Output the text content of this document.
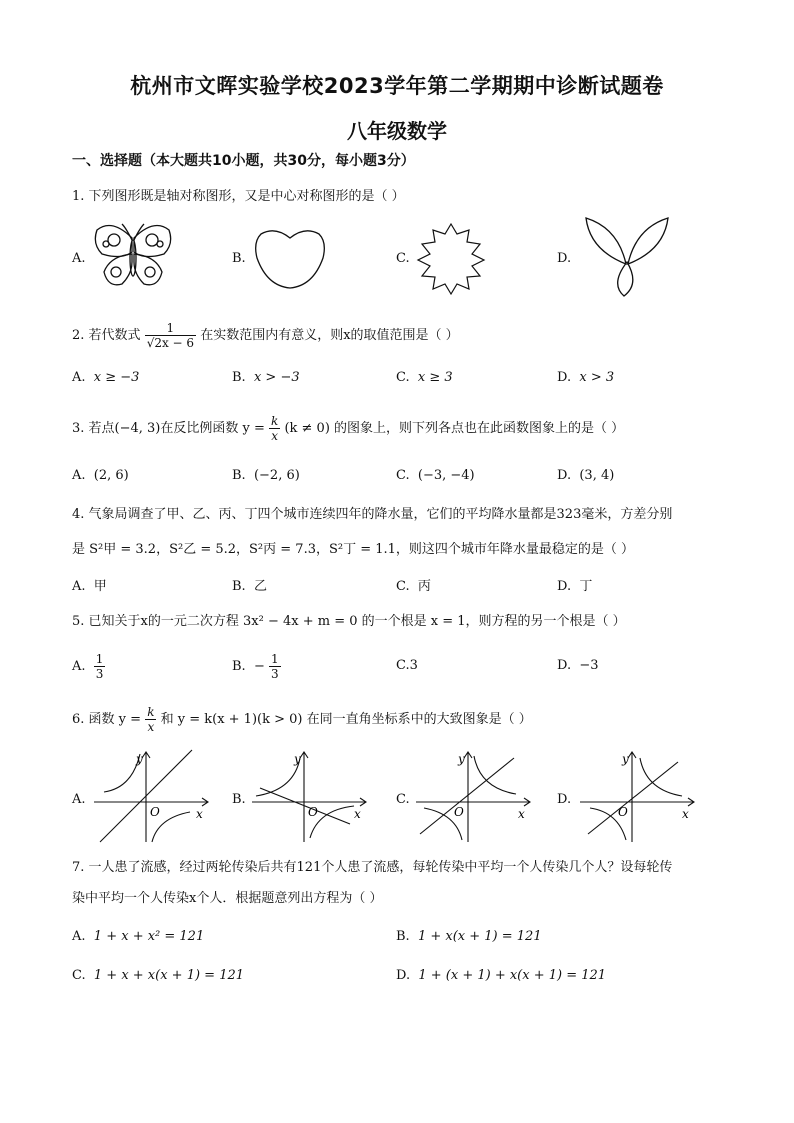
杭州市文晖实验学校2023学年第二学期期中诊断试题卷
八年级数学
一、选择题（本大题共10小题，共30分，每小题3分）
1. 下列图形既是轴对称图形，又是中心对称图形的是（ ）
A.	B.	C.	D.
2. 若代数式 $\frac{1}{√2x - 6}$ 在实数范围内有意义，则x的取值范围是（ ）
A. x ≥ −3	B. x > −3	C. x ≥ 3	D. x > 3
3. 若点(−4, 3)在反比例函数 $y = \frac{k}{x} (k \ne 0)$ 的图象上，则下列各点也在此函数图象上的是（ ）
A. (2, 6)	B. (−2, 6)	C. (−3, −4)	D. (3, 4)
4. 气象局调查了甲、乙、丙、丁四个城市连续四年的降水量，它们的平均降水量都是323毫米，方差分别
是 S²甲 = 3.2，S²乙 = 5.2，S²丙 = 7.3，S²丁 = 1.1，则这四个城市年降水量最稳定的是（ ）
A. 甲	B. 乙	C. 丙	D. 丁
5. 已知关于x的一元二次方程 3x² − 4x + m = 0 的一个根是 x = 1，则方程的另一个根是（ ）
A. $\frac{1}{3}$	B. − $\frac{1}{3}$	C.3	D. −3
6. 函数 $y = \frac{k}{x}$ 和 y = k(x + 1)(k > 0) 在同一直角坐标系中的大致图象是（ ）
A.
y
x
O
B.
y
x
O
C.
y
x
O
D.
y
x
O
7. 一人患了流感，经过两轮传染后共有121个人患了流感，每轮传染中平均一个人传染几个人？设每轮传
染中平均一个人传染x个人．根据题意列出方程为（ ）
A. 1 + x + x² = 121	B. 1 + x(x + 1) = 121
C. 1 + x + x(x + 1) = 121	D. 1 + (x + 1) + x(x + 1) = 121
